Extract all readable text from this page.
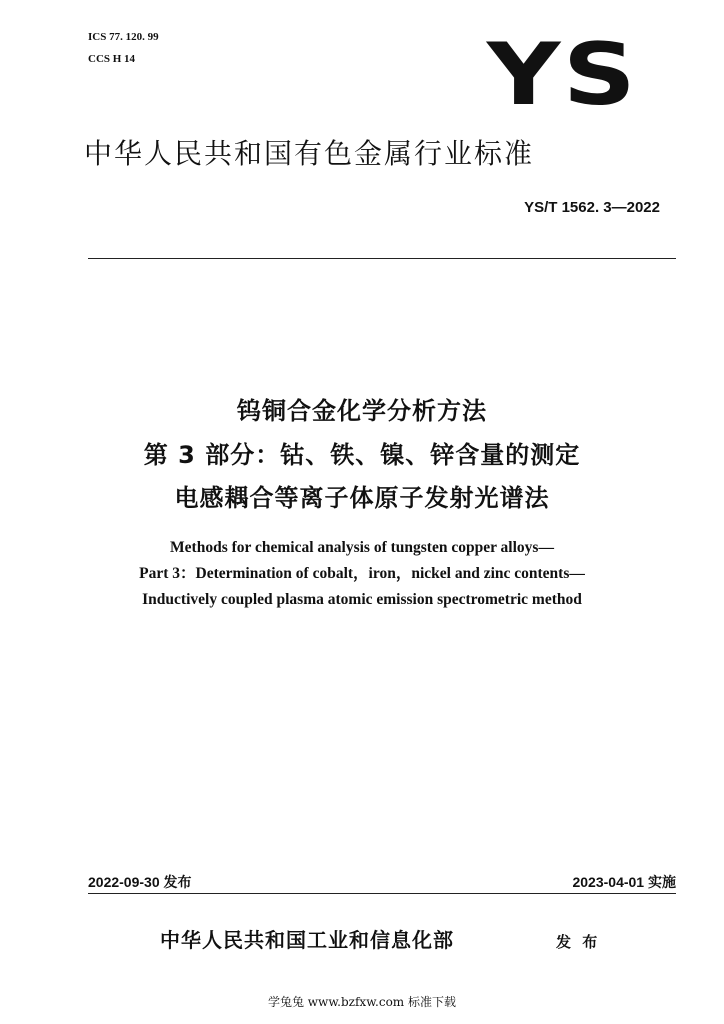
ICS 77. 120. 99
CCS H 14	YS
中华人民共和国有色金属行业标准
YS/T 1562. 3—2022
钨铜合金化学分析方法
第 3 部分：钴、铁、镍、锌含量的测定
电感耦合等离子体原子发射光谱法
Methods for chemical analysis of tungsten copper alloys—
Part 3：Determination of cobalt，iron，nickel and zinc contents—
Inductively coupled plasma atomic emission spectrometric method
2022-09-30 发布	2023-04-01 实施
中华人民共和国工业和信息化部	发 布
学兔兔 www.bzfxw.com 标准下载
